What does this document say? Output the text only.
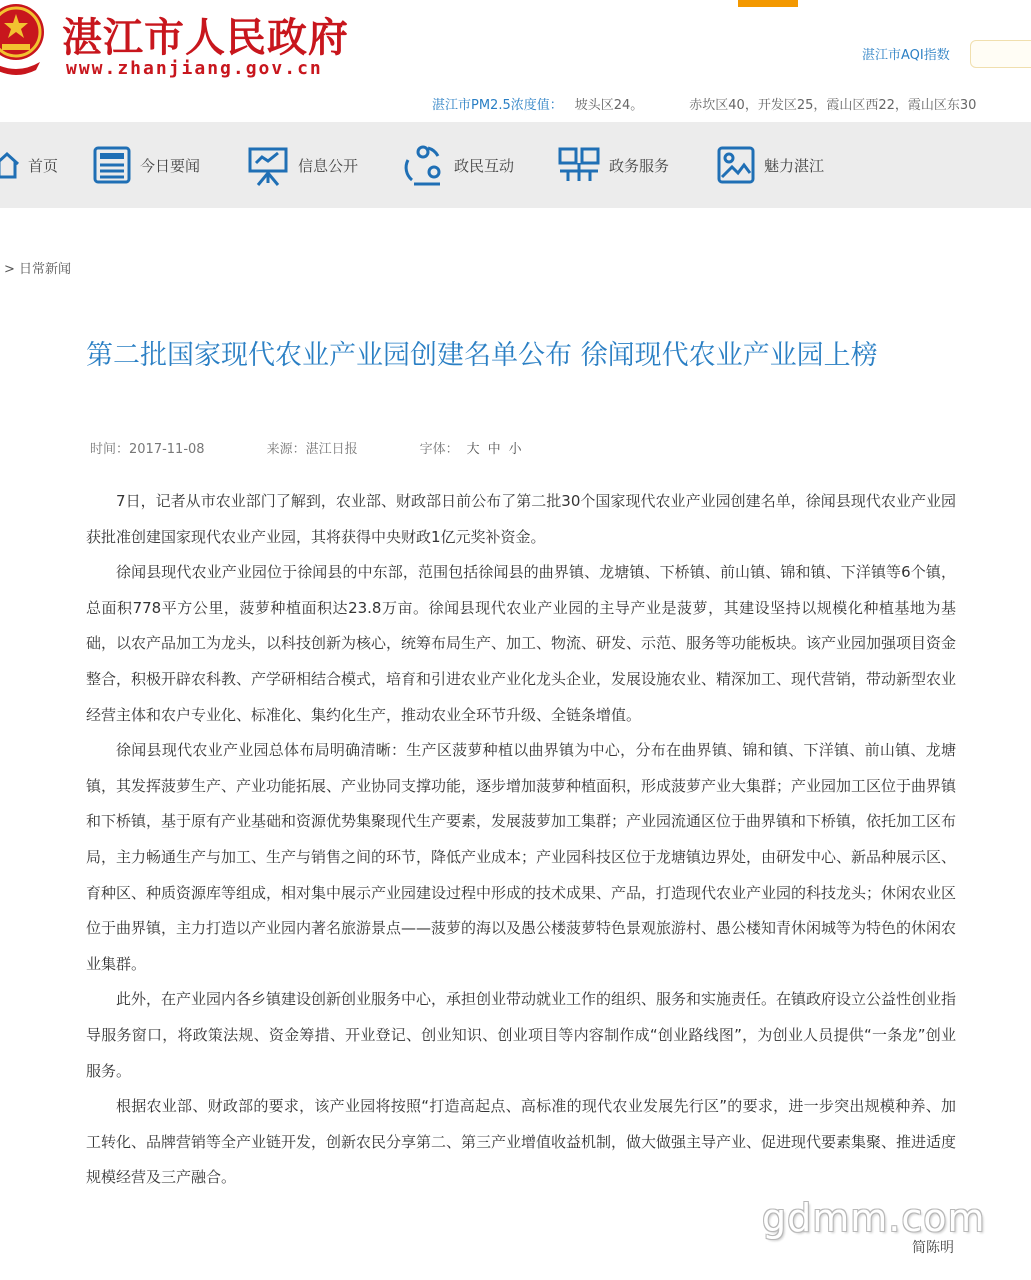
湛江市人民政府
www.zhanjiang.gov.cn
湛江市AQI指数
湛江市PM2.5浓度值： 坡头区24。	赤坎区40，开发区25，霞山区西22，霞山区东30
首页	今日要闻	信息公开	政民互动	政务服务	魅力湛江
> 日常新闻
第二批国家现代农业产业园创建名单公布 徐闻现代农业产业园上榜
时间：2017-11-08	来源：湛江日报	字体： 大 中 小

7日，记者从市农业部门了解到，农业部、财政部日前公布了第二批30个国家现代农业产业园创建名单，徐闻县现代农业产业园获批准创建国家现代农业产业园，其将获得中央财政1亿元奖补资金。

徐闻县现代农业产业园位于徐闻县的中东部，范围包括徐闻县的曲界镇、龙塘镇、下桥镇、前山镇、锦和镇、下洋镇等6个镇，总面积778平方公里，菠萝种植面积达23.8万亩。徐闻县现代农业产业园的主导产业是菠萝，其建设坚持以规模化种植基地为基础，以农产品加工为龙头，以科技创新为核心，统筹布局生产、加工、物流、研发、示范、服务等功能板块。该产业园加强项目资金整合，积极开辟农科教、产学研相结合模式，培育和引进农业产业化龙头企业，发展设施农业、精深加工、现代营销，带动新型农业经营主体和农户专业化、标准化、集约化生产，推动农业全环节升级、全链条增值。

徐闻县现代农业产业园总体布局明确清晰：生产区菠萝种植以曲界镇为中心，分布在曲界镇、锦和镇、下洋镇、前山镇、龙塘镇，其发挥菠萝生产、产业功能拓展、产业协同支撑功能，逐步增加菠萝种植面积，形成菠萝产业大集群；产业园加工区位于曲界镇和下桥镇，基于原有产业基础和资源优势集聚现代生产要素，发展菠萝加工集群；产业园流通区位于曲界镇和下桥镇，依托加工区布局，主力畅通生产与加工、生产与销售之间的环节，降低产业成本；产业园科技区位于龙塘镇边界处，由研发中心、新品种展示区、育种区、种质资源库等组成，相对集中展示产业园建设过程中形成的技术成果、产品，打造现代农业产业园的科技龙头；休闲农业区位于曲界镇，主力打造以产业园内著名旅游景点——菠萝的海以及愚公楼菠萝特色景观旅游村、愚公楼知青休闲城等为特色的休闲农业集群。

此外，在产业园内各乡镇建设创新创业服务中心，承担创业带动就业工作的组织、服务和实施责任。在镇政府设立公益性创业指导服务窗口，将政策法规、资金筹措、开业登记、创业知识、创业项目等内容制作成“创业路线图”，为创业人员提供“一条龙”创业服务。

根据农业部、财政部的要求，该产业园将按照“打造高起点、高标准的现代农业发展先行区”的要求，进一步突出规模种养、加工转化、品牌营销等全产业链开发，创新农民分享第二、第三产业增值收益机制，做大做强主导产业、促进现代要素集聚、推进适度规模经营及三产融合。

gdmm.com
简陈明
